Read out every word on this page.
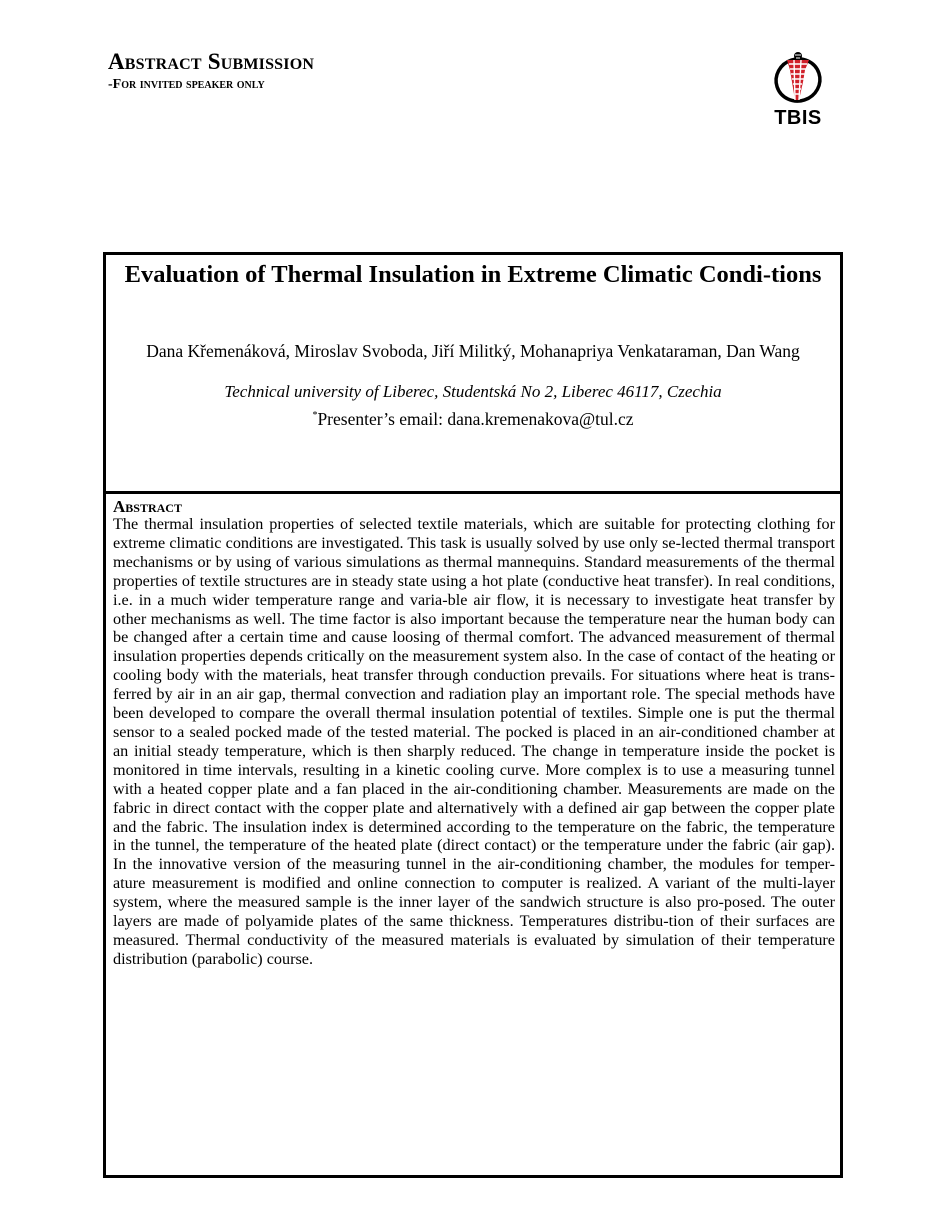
Abstract Submission
-For invited speaker only
TBIS
Evaluation of Thermal Insulation in Extreme Climatic Condi-tions
Dana Křemenáková, Miroslav Svoboda, Jiří Militký, Mohanapriya Venkataraman, Dan Wang
Technical university of Liberec, Studentská No 2, Liberec 46117, Czechia
*Presenter’s email: dana.kremenakova@tul.cz
Abstract

The thermal insulation properties of selected textile materials, which are suitable for protecting clothing for extreme climatic conditions are investigated. This task is usually solved by use only se-lected thermal transport mechanisms or by using of various simulations as thermal mannequins. Standard measurements of the thermal properties of textile structures are in steady state using a hot plate (conductive heat transfer). In real conditions, i.e. in a much wider temperature range and varia-ble air flow, it is necessary to investigate heat transfer by other mechanisms as well. The time factor is also important because the temperature near the human body can be changed after a certain time and cause loosing of thermal comfort. The advanced measurement of thermal insulation properties depends critically on the measurement system also. In the case of contact of the heating or cooling body with the materials, heat transfer through conduction prevails. For situations where heat is trans-ferred by air in an air gap, thermal convection and radiation play an important role. The special methods have been developed to compare the overall thermal insulation potential of textiles. Simple one is put the thermal sensor to a sealed pocked made of the tested material. The pocked is placed in an air-conditioned chamber at an initial steady temperature, which is then sharply reduced. The change in temperature inside the pocket is monitored in time intervals, resulting in a kinetic cooling curve. More complex is to use a measuring tunnel with a heated copper plate and a fan placed in the air-conditioning chamber. Measurements are made on the fabric in direct contact with the copper plate and alternatively with a defined air gap between the copper plate and the fabric. The insulation index is determined according to the temperature on the fabric, the temperature in the tunnel, the temperature of the heated plate (direct contact) or the temperature under the fabric (air gap). In the innovative version of the measuring tunnel in the air-conditioning chamber, the modules for temper-ature measurement is modified and online connection to computer is realized. A variant of the multi-layer system, where the measured sample is the inner layer of the sandwich structure is also pro-posed. The outer layers are made of polyamide plates of the same thickness. Temperatures distribu-tion of their surfaces are measured. Thermal conductivity of the measured materials is evaluated by simulation of their temperature distribution (parabolic) course.
